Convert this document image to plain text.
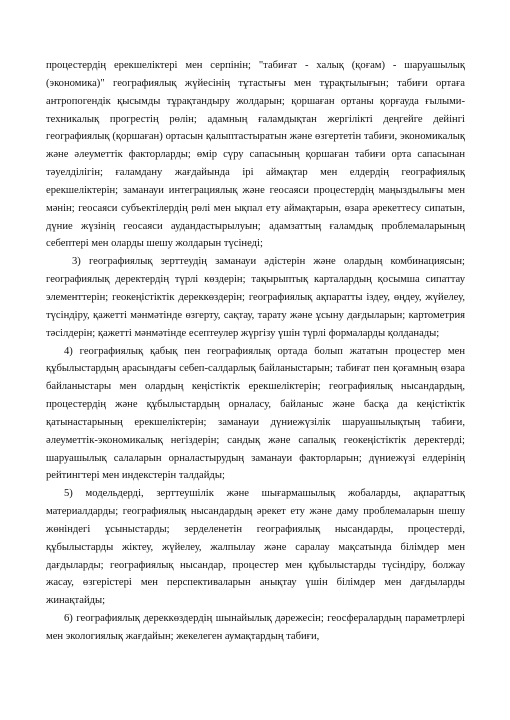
процестердің ерекшеліктері мен серпінін; "табиғат - халық (қоғам) - шаруашылық (экономика)" географиялық жүйесінің тұтастығы мен тұрақтылығын; табиғи ортаға антропогендік қысымды тұрақтандыру жолдарын; қоршаған ортаны қорғауда ғылыми-техникалық прогрестің рөлін; адамның ғаламдықтан жергілікті деңгейге дейінгі географиялық (қоршаған) ортасын қалыптастыратын және өзгертетін табиғи, экономикалық және әлеуметтік факторларды; өмір сүру сапасының қоршаған табиғи орта сапасынан тәуелділігін; ғаламдану жағдайында ірі аймақтар мен елдердің географиялық ерекшеліктерін; заманауи интеграциялық және геосаяси процестердің маңыздылығы мен мәнін; геосаяси субъектілердің рөлі мен ықпал ету аймақтарын, өзара әрекеттесу сипатын, дүние жүзінің геосаяси аудандастырылуын; адамзаттың ғаламдық проблемаларының себептері мен оларды шешу жолдарын түсінеді;

3) географиялық зерттеудің заманауи әдістерін және олардың комбинациясын; географиялық деректердің түрлі көздерін; тақырыптық карталардың қосымша сипаттау элементтерін; геокеңістіктік дереккөздерін; географиялық ақпаратты іздеу, өңдеу, жүйелеу, түсіндіру, қажетті мәнмәтінде өзгерту, сақтау, тарату және ұсыну дағдыларын; картометрия тәсілдерін; қажетті мәнмәтінде есептеулер жүргізу үшін түрлі формаларды қолданады;

4) географиялық қабық пен географиялық ортада болып жататын процестер мен құбылыстардың арасындағы себеп-салдарлық байланыстарын; табиғат пен қоғамның өзара байланыстары мен олардың кеңістіктік ерекшеліктерін; географиялық нысандардың, процестердің және құбылыстардың орналасу, байланыс және басқа да кеңістіктік қатынастарының ерекшеліктерін; заманауи дүниежүзілік шаруашылықтың табиғи, әлеуметтік-экономикалық негіздерін; сандық және сапалық геокеңістіктік деректерді; шаруашылық салаларын орналастырудың заманауи факторларын; дүниежүзі елдерінің рейтингтері мен индекстерін талдайды;

5) модельдерді, зерттеушілік және шығармашылық жобаларды, ақпараттық материалдарды; географиялық нысандардың әрекет ету және даму проблемаларын шешу жөніндегі ұсыныстарды; зерделенетін географиялық нысандарды, процестерді, құбылыстарды жіктеу, жүйелеу, жалпылау және саралау мақсатында білімдер мен дағдыларды; географиялық нысандар, процестер мен құбылыстарды түсіндіру, болжау жасау, өзгерістері мен перспективаларын анықтау үшін білімдер мен дағдыларды жинақтайды;

6) географиялық дереккөздердің шынайылық дәрежесін; геосфералардың параметрлері мен экологиялық жағдайын; жекелеген аумақтардың табиғи,
